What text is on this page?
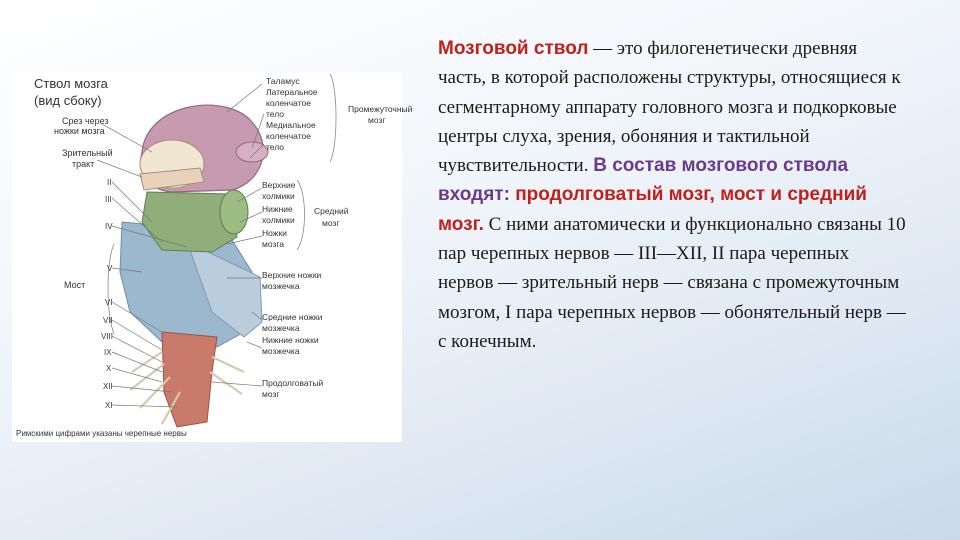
Ствол мозга
(вид сбоку)
Срез через
ножки мозга
Зрительный
тракт
Мост
II
III
IV
V
VI
VII
VIII
IX
X
XII
XI
Таламус
Латеральное
коленчатое
тело
Медиальное
коленчатое
тело
Промежуточный
мозг
Верхние
холмики
Нижние
холмики
Ножки
мозга
Средний
мозг
Верхние ножки
мозжечка
Средние ножки
мозжечка
Нижние ножки
мозжечка
Продолговатый
мозг
Римскими цифрами указаны черепные нервы
Мозговой ствол — это филогенетически древняя часть, в которой расположены структуры, относящиеся к сегментарному аппарату головного мозга и подкорковые центры слуха, зрения, обоняния и тактильной чувствительности. В состав мозгового ствола входят: продолговатый мозг, мост и средний мозг. С ними анатомически и функционально связаны 10 пар черепных нервов — III—XII, II пара черепных нервов — зрительный нерв — связана с промежуточным мозгом, I пара черепных нервов — обонятельный нерв — с конечным.
